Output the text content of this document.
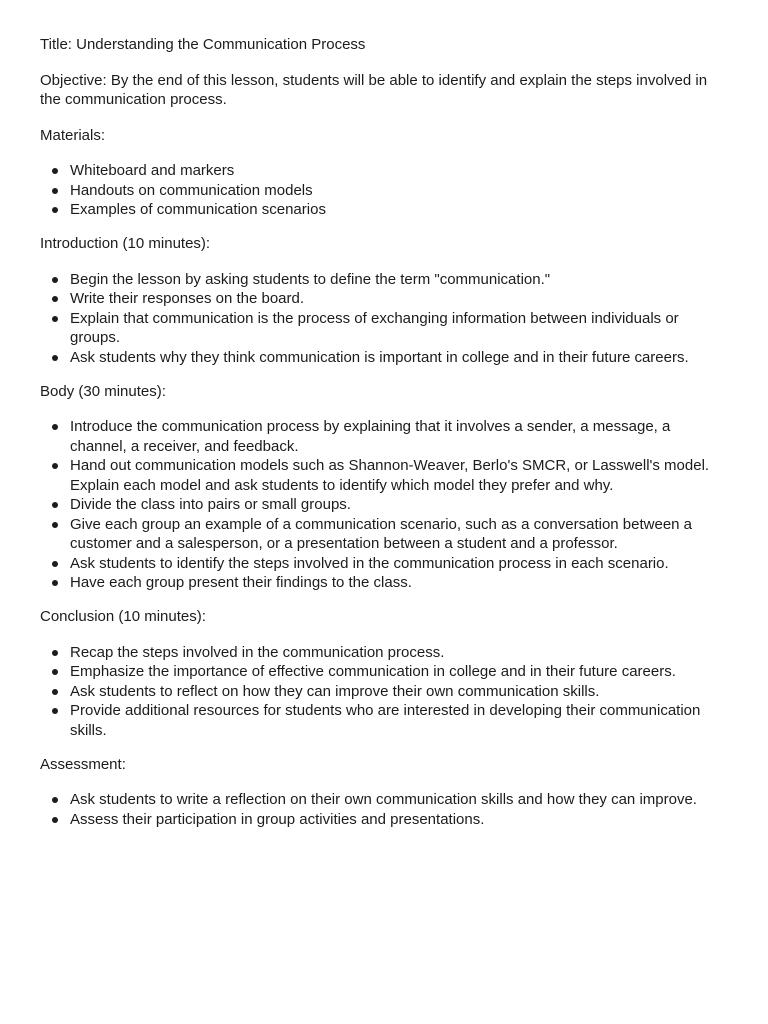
Title: Understanding the Communication Process

Objective: By the end of this lesson, students will be able to identify and explain the steps involved in the communication process.

Materials:

Whiteboard and markers
Handouts on communication models
Examples of communication scenarios

Introduction (10 minutes):

Begin the lesson by asking students to define the term "communication."
Write their responses on the board.
Explain that communication is the process of exchanging information between individuals or groups.
Ask students why they think communication is important in college and in their future careers.

Body (30 minutes):

Introduce the communication process by explaining that it involves a sender, a message, a channel, a receiver, and feedback.
Hand out communication models such as Shannon-Weaver, Berlo's SMCR, or Lasswell's model. Explain each model and ask students to identify which model they prefer and why.
Divide the class into pairs or small groups.
Give each group an example of a communication scenario, such as a conversation between a customer and a salesperson, or a presentation between a student and a professor.
Ask students to identify the steps involved in the communication process in each scenario.
Have each group present their findings to the class.

Conclusion (10 minutes):

Recap the steps involved in the communication process.
Emphasize the importance of effective communication in college and in their future careers.
Ask students to reflect on how they can improve their own communication skills.
Provide additional resources for students who are interested in developing their communication skills.

Assessment:

Ask students to write a reflection on their own communication skills and how they can improve.
Assess their participation in group activities and presentations.
